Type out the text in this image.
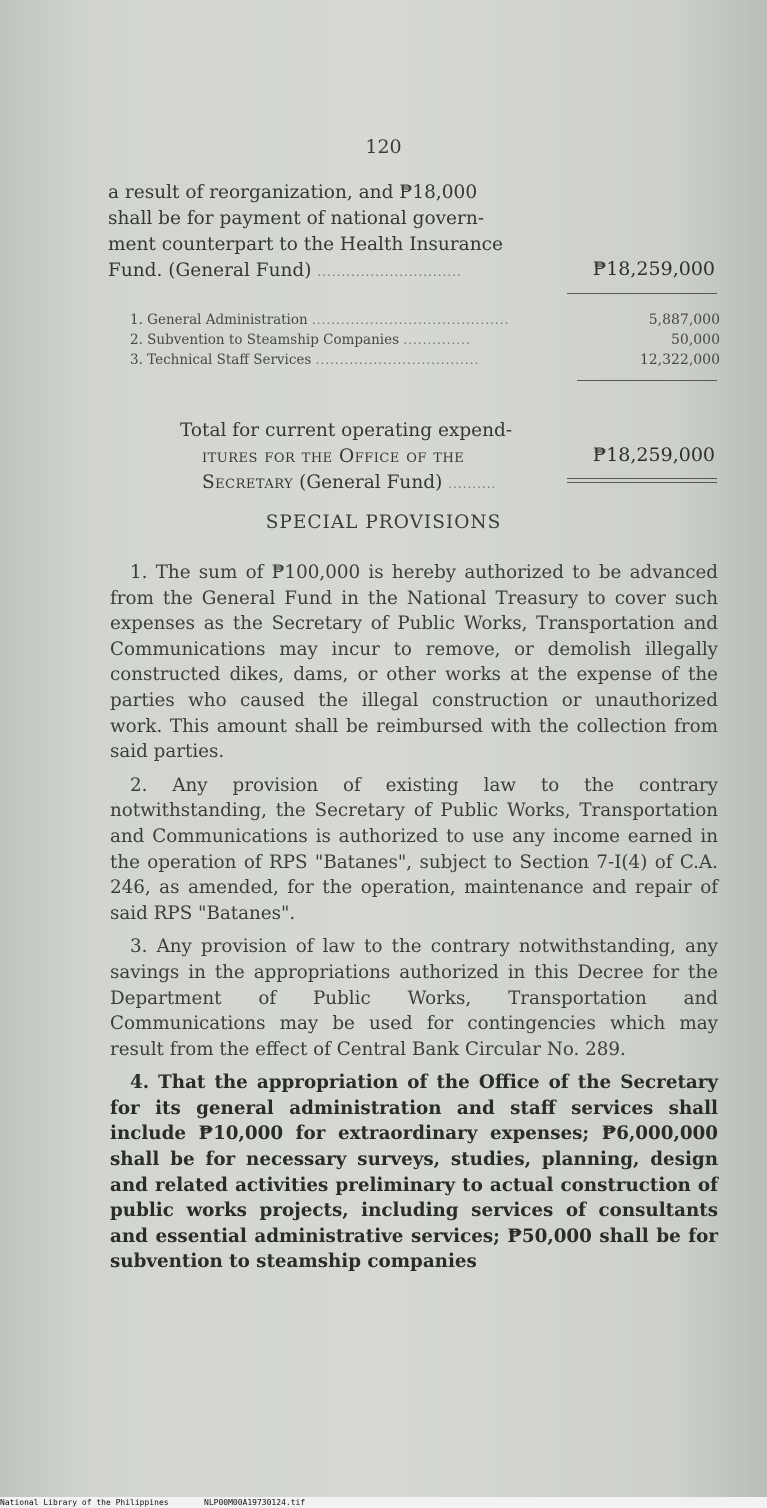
120
a result of reorganization, and ₱18,000
shall be for payment of national govern-
ment counterpart to the Health Insurance
Fund. (General Fund) ..............................	₱18,259,000
1. General Administration .........................................	5,887,000
2. Subvention to Steamship Companies ..............	50,000
3. Technical Staff Services ..................................	12,322,000
Total for current operating expend-
itures for the Office of the
Secretary (General Fund) ..........
₱18,259,000
SPECIAL PROVISIONS

1. The sum of ₱100,000 is hereby authorized to be advanced from the General Fund in the National Treasury to cover such expenses as the Secretary of Public Works, Transportation and Communications may incur to remove, or demolish illegally constructed dikes, dams, or other works at the expense of the parties who caused the illegal construction or unauthorized work. This amount shall be reimbursed with the collection from said parties.

2. Any provision of existing law to the contrary notwithstanding, the Secretary of Public Works, Transportation and Communications is authorized to use any income earned in the operation of RPS "Batanes", subject to Section 7-I(4) of C.A. 246, as amended, for the operation, maintenance and repair of said RPS "Batanes".

3. Any provision of law to the contrary notwithstanding, any savings in the appropriations authorized in this Decree for the Department of Public Works, Transportation and Communications may be used for contingencies which may result from the effect of Central Bank Circular No. 289.

4. That the appropriation of the Office of the Secretary for its general administration and staff services shall include ₱10,000 for extraordinary expenses; ₱6,000,000 shall be for necessary surveys, studies, planning, design and related activities preliminary to actual construction of public works projects, including services of consultants and essential administrative services; ₱50,000 shall be for subvention to steamship companies

National Library of the Philippines	NLP00M00A19730124.tif
